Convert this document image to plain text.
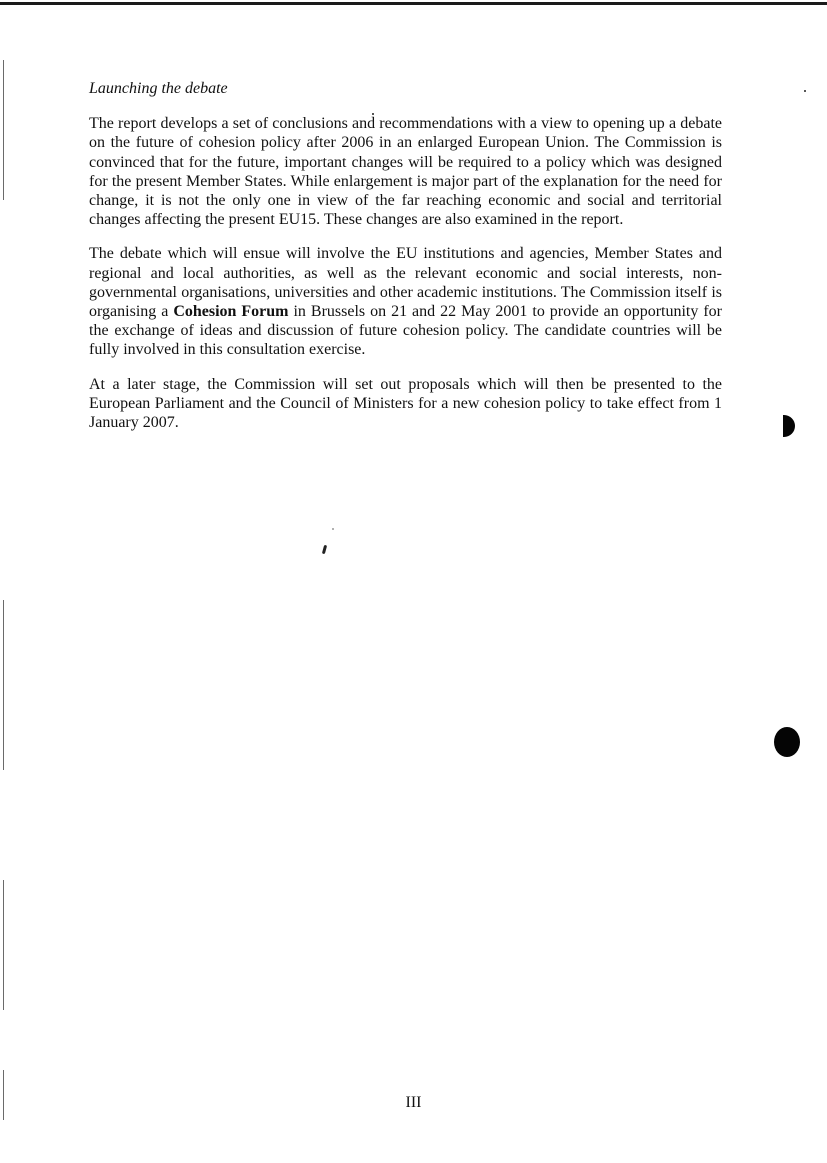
Launching the debate

The report develops a set of conclusions and recommendations with a view to opening up a debate on the future of cohesion policy after 2006 in an enlarged European Union. The Commission is convinced that for the future, important changes will be required to a policy which was designed for the present Member States. While enlargement is major part of the explanation for the need for change, it is not the only one in view of the far reaching economic and social and territorial changes affecting the present EU15. These changes are also examined in the report.

The debate which will ensue will involve the EU institutions and agencies, Member States and regional and local authorities, as well as the relevant economic and social interests, non-governmental organisations, universities and other academic institutions. The Commission itself is organising a Cohesion Forum in Brussels on 21 and 22 May 2001 to provide an opportunity for the exchange of ideas and discussion of future cohesion policy. The candidate countries will be fully involved in this consultation exercise.

At a later stage, the Commission will set out proposals which will then be presented to the European Parliament and the Council of Ministers for a new cohesion policy to take effect from 1 January 2007.

III
